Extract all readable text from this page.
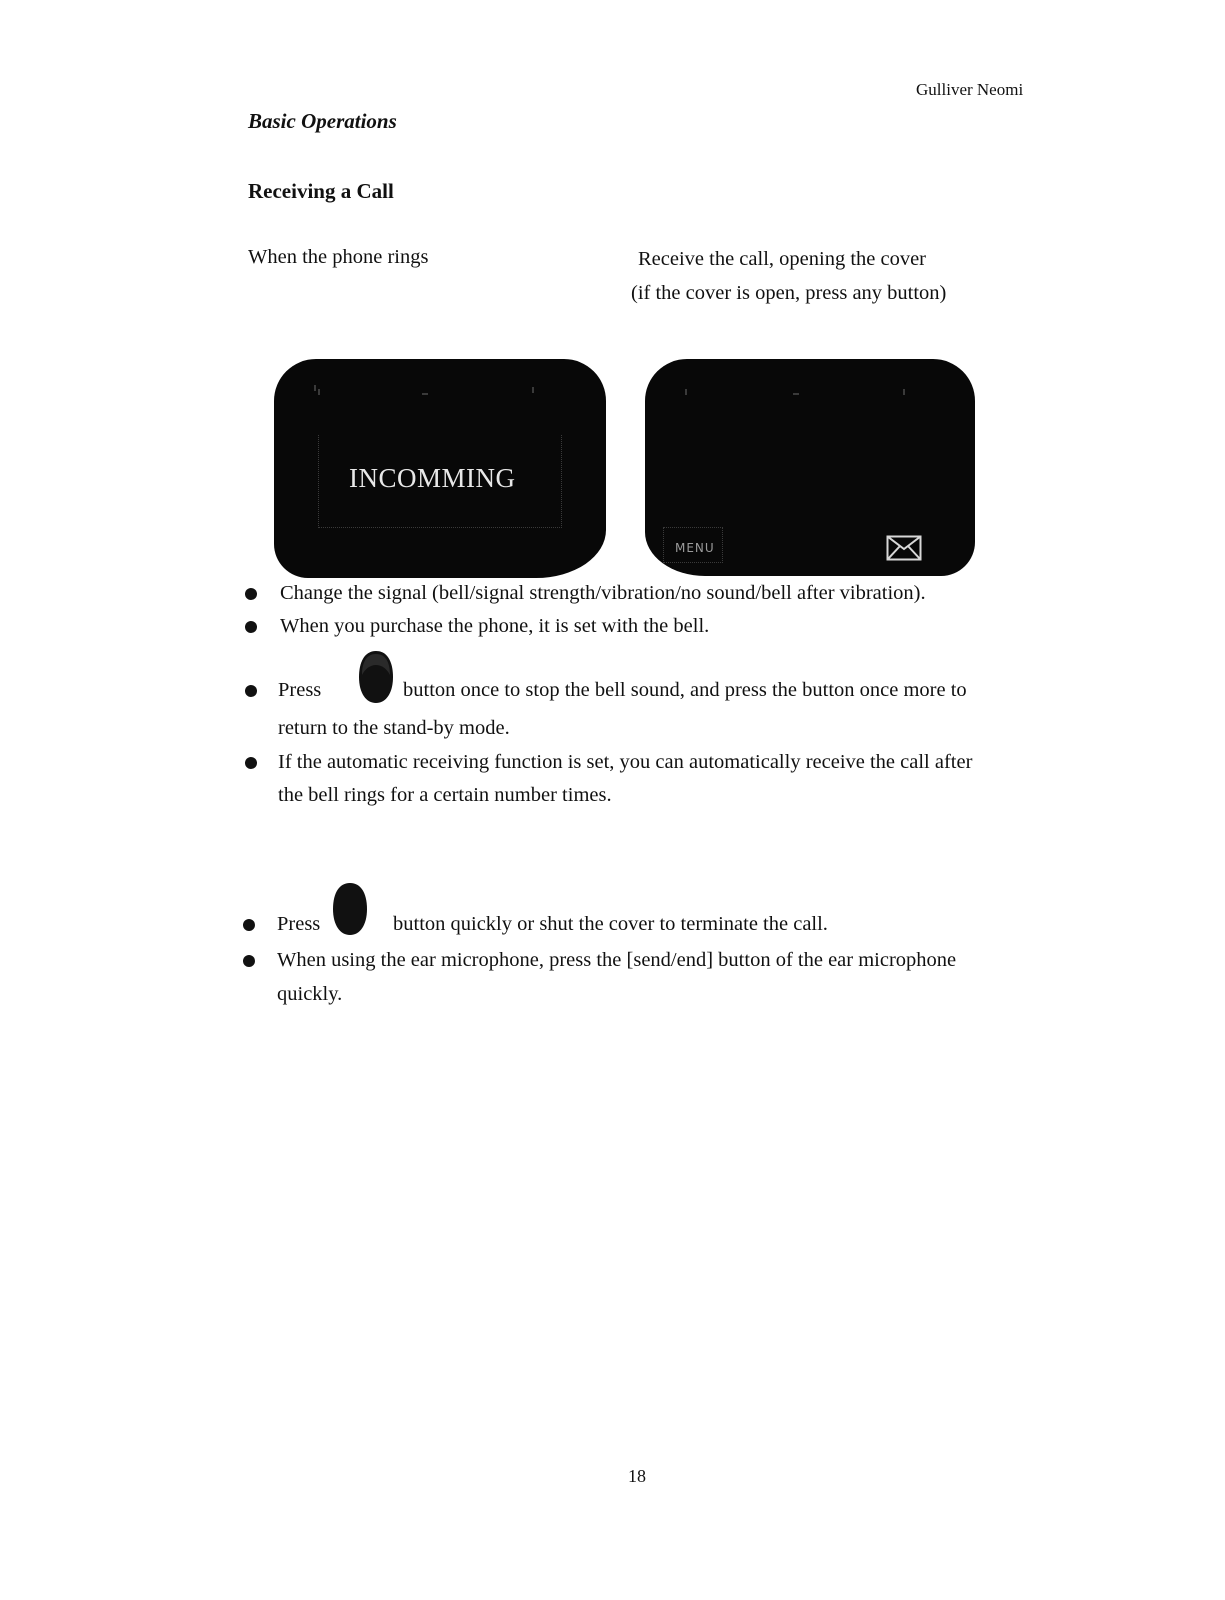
Gulliver Neomi
Basic Operations
Receiving a Call
When the phone rings	Receive the call, opening the cover
(if the cover is open, press any button)
INCOMMING
MENU
Change the signal (bell/signal strength/vibration/no sound/bell after vibration).
When you purchase the phone, it is set with the bell.
Press	button once to stop the bell sound, and press the button once more to
return to the stand-by mode.
If the automatic receiving function is set, you can automatically receive the call after
the bell rings for a certain number times.
Press	button quickly or shut the cover to terminate the call.
When using the ear microphone, press the [send/end] button of the ear microphone
quickly.
18
